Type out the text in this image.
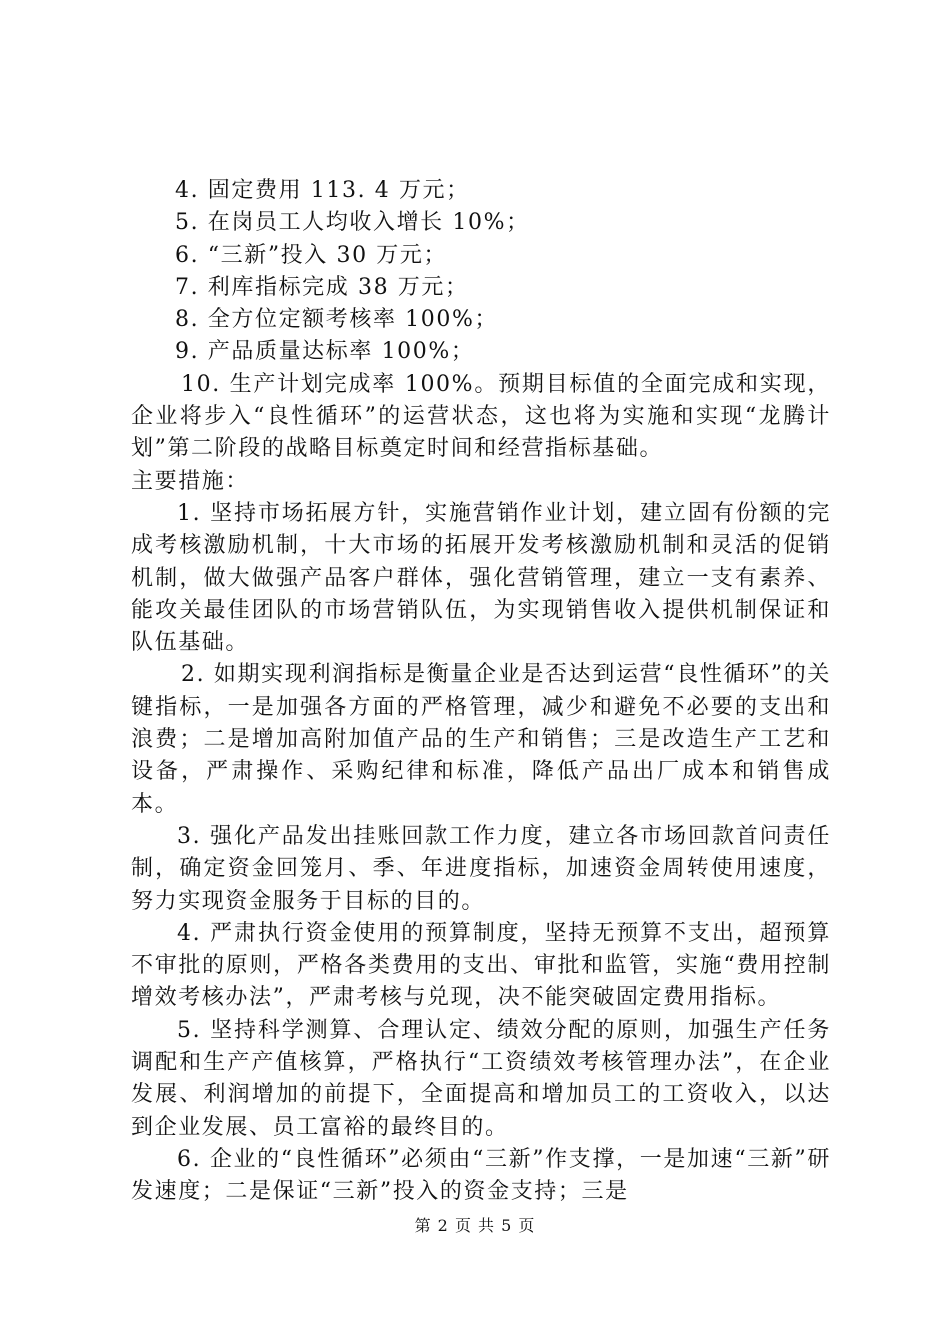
4. 固定费用 113. 4 万元；

5. 在岗员工人均收入增长 10%；

6. “三新”投入 30 万元；

7. 利库指标完成 38 万元；

8. 全方位定额考核率 100%；

9. 产品质量达标率 100%；

10. 生产计划完成率 100%。预期目标值的全面完成和实现，企业将步入“良性循环”的运营状态，这也将为实施和实现“龙腾计划”第二阶段的战略目标奠定时间和经营指标基础。

主要措施：

1. 坚持市场拓展方针，实施营销作业计划，建立固有份额的完成考核激励机制，十大市场的拓展开发考核激励机制和灵活的促销机制，做大做强产品客户群体，强化营销管理，建立一支有素养、能攻关最佳团队的市场营销队伍，为实现销售收入提供机制保证和队伍基础。

2. 如期实现利润指标是衡量企业是否达到运营“良性循环”的关键指标，一是加强各方面的严格管理，减少和避免不必要的支出和浪费；二是增加高附加值产品的生产和销售；三是改造生产工艺和设备，严肃操作、采购纪律和标准，降低产品出厂成本和销售成本。

3. 强化产品发出挂账回款工作力度，建立各市场回款首问责任制，确定资金回笼月、季、年进度指标，加速资金周转使用速度，努力实现资金服务于目标的目的。

4. 严肃执行资金使用的预算制度，坚持无预算不支出，超预算不审批的原则，严格各类费用的支出、审批和监管，实施“费用控制增效考核办法”，严肃考核与兑现，决不能突破固定费用指标。

5. 坚持科学测算、合理认定、绩效分配的原则，加强生产任务调配和生产产值核算，严格执行“工资绩效考核管理办法”，在企业发展、利润增加的前提下，全面提高和增加员工的工资收入，以达到企业发展、员工富裕的最终目的。

6. 企业的“良性循环”必须由“三新”作支撑，一是加速“三新”研发速度；二是保证“三新”投入的资金支持；三是

第 2 页 共 5 页
